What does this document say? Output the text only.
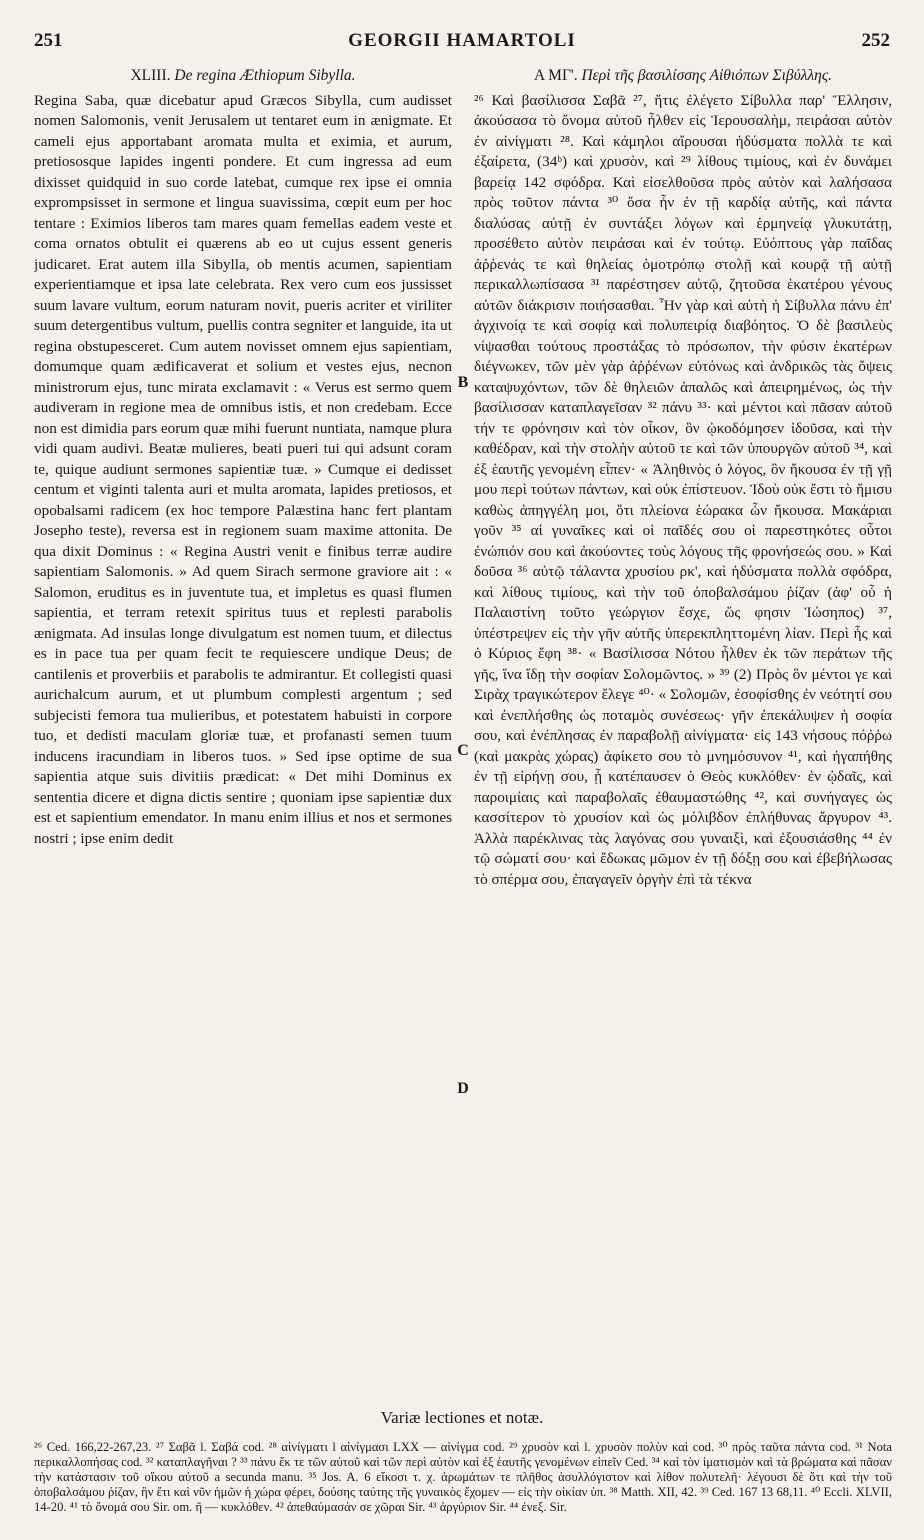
251	GEORGII HAMARTOLI	252
XLIII. De regina Æthiopum Sibylla.
Regina Saba, quæ dicebatur apud Græcos Sibylla, cum audisset nomen Salomonis, venit Jerusalem ut tentaret eum in ænigmate. Et cameli ejus apportabant aromata multa et eximia, et aurum, pretiososque lapides ingenti pondere. Et cum ingressa ad eum dixisset quidquid in suo corde latebat, cumque rex ipse ei omnia exprompsisset in sermone et lingua suavissima, cœpit eum per hoc tentare : Eximios liberos tam mares quam femellas eadem veste et coma ornatos obtulit ei quærens ab eo ut cujus essent generis judicaret. Erat autem illa Sibylla, ob mentis acumen, sapientiam experientiamque et ipsa late celebrata. Rex vero cum eos jussisset suum lavare vultum, eorum naturam novit, pueris acriter et viriliter suum detergentibus vultum, puellis contra segniter et languide, ita ut regina obstupesceret. Cum autem novisset omnem ejus sapientiam, domumque quam ædificaverat et solium et vestes ejus, necnon ministrorum ejus, tunc mirata exclamavit : « Verus est sermo quem audiveram in regione mea de omnibus istis, et non credebam. Ecce non est dimidia pars eorum quæ mihi fuerunt nuntiata, namque plura vidi quam audivi. Beatæ mulieres, beati pueri tui qui adsunt coram te, quique audiunt sermones sapientiæ tuæ. » Cumque ei dedisset centum et viginti talenta auri et multa aromata, lapides pretiosos, et opobalsami radicem (ex hoc tempore Palæstina hanc fert plantam Josepho teste), reversa est in regionem suam maxime attonita. De qua dixit Dominus : « Regina Austri venit e finibus terræ audire sapientiam Salomonis. » Ad quem Sirach sermone graviore ait : « Salomon, eruditus es in juventute tua, et impletus es quasi flumen sapientia, et terram retexit spiritus tuus et replesti parabolis ænigmata. Ad insulas longe divulgatum est nomen tuum, et dilectus es in pace tua per quam fecit te requiescere undique Deus; de cantilenis et proverbiis et parabolis te admirantur. Et collegisti quasi aurichalcum aurum, et ut plumbum complesti argentum ; sed subjecisti femora tua mulieribus, et potestatem habuisti in corpore tuo, et dedisti maculam gloriæ tuæ, et profanasti semen tuum inducens iracundiam in liberos tuos. » Sed ipse optime de sua sapientia atque suis divitiis prædicat: « Det mihi Dominus ex sententia dicere et digna dictis sentire ; quoniam ipse sapientiæ dux est et sapientium emendator. In manu enim illius et nos et sermones nostri ; ipse enim dedit
B
C
D
Α ΜΓ'. Περὶ τῆς βασιλίσσης Αἰθιόπων Σιβύλλης.
²⁶ Καὶ βασίλισσα Σαβᾶ ²⁷, ἥτις ἐλέγετο Σίβυλλα παρ' Ἕλλησιν, ἀκούσασα τὸ ὄνομα αὐτοῦ ἦλθεν εἰς Ἱερουσαλὴμ, πειράσαι αὐτὸν ἐν αἰνίγματι ²⁸. Καὶ κάμηλοι αἴρουσαι ἡδύσματα πολλὰ τε καὶ ἐξαίρετα, (34ᵇ) καὶ χρυσὸν, καὶ ²⁹ λίθους τιμίους, καὶ ἐν δυνάμει βαρείᾳ 142 σφόδρα. Καὶ εἰσελθοῦσα πρὸς αὐτὸν καὶ λαλήσασα πρὸς τοῦτον πάντα ³⁰ ὅσα ἦν ἐν τῇ καρδίᾳ αὐτῆς, καὶ πάντα διαλύσας αὐτῇ ἐν συντάξει λόγων καὶ ἑρμηνείᾳ γλυκυτάτῃ, προσέθετο αὐτὸν πειράσαι καὶ ἐν τούτῳ. Εὐόπτους γὰρ παῖδας ἀῤῥενάς τε καὶ θηλείας ὁμοτρόπῳ στολῇ καὶ κουρᾷ τῇ αὐτῇ περικαλλωπίσασα ³¹ παρέστησεν αὐτῷ, ζητοῦσα ἑκατέρου γένους αὐτῶν διάκρισιν ποιήσασθαι. Ἦν γὰρ καὶ αὐτὴ ἡ Σίβυλλα πάνυ ἐπ' ἀγχινοίᾳ τε καὶ σοφίᾳ καὶ πολυπειρίᾳ διαβόητος. Ὁ δὲ βασιλεὺς νίψασθαι τούτους προστάξας τὸ πρόσωπον, τὴν φύσιν ἑκατέρων διέγνωκεν, τῶν μὲν γὰρ ἀῤῥένων εὐτόνως καὶ ἀνδρικῶς τὰς ὄψεις καταψυχόντων, τῶν δὲ θηλειῶν ἁπαλῶς καὶ ἀπειρημένως, ὡς τὴν βασίλισσαν καταπλαγεῖσαν ³² πάνυ ³³· καὶ μέντοι καὶ πᾶσαν αὐτοῦ τήν τε φρόνησιν καὶ τὸν οἶκον, ὃν ᾠκοδόμησεν ἰδοῦσα, καὶ τὴν καθέδραν, καὶ τὴν στολὴν αὐτοῦ τε καὶ τῶν ὑπουργῶν αὐτοῦ ³⁴, καὶ ἐξ ἑαυτῆς γενομένη εἶπεν· « Ἀληθινὸς ὁ λόγος, ὃν ἤκουσα ἐν τῇ γῇ μου περὶ τούτων πάντων, καὶ οὐκ ἐπίστευον. Ἰδοὺ οὐκ ἔστι τὸ ἥμισυ καθὼς ἀπηγγέλη μοι, ὅτι πλείονα ἑώρακα ὧν ἤκουσα. Μακάριαι γοῦν ³⁵ αἱ γυναῖκες καὶ οἱ παῖδές σου οἱ παρεστηκότες οὗτοι ἐνώπιόν σου καὶ ἀκούοντες τοὺς λόγους τῆς φρονήσεώς σου. » Καὶ δοῦσα ³⁶ αὐτῷ τάλαντα χρυσίου ρκ', καὶ ἡδύσματα πολλὰ σφόδρα, καὶ λίθους τιμίους, καὶ τὴν τοῦ ὀποβαλσάμου ῥίζαν (ἀφ' οὗ ἡ Παλαιστίνη τοῦτο γεώργιον ἔσχε, ὥς φησιν Ἰώσηπος) ³⁷, ὑπέστρεψεν εἰς τὴν γῆν αὐτῆς ὑπερεκπληττομένη λίαν. Περὶ ἧς καὶ ὁ Κύριος ἔφη ³⁸· « Βασίλισσα Νότου ἦλθεν ἐκ τῶν περάτων τῆς γῆς, ἵνα ἴδῃ τὴν σοφίαν Σολομῶντος. » ³⁹ (2) Πρὸς ὃν μέντοι γε καὶ Σιρὰχ τραγικώτερον ἔλεγε ⁴⁰· « Σολομῶν, ἐσοφίσθης ἐν νεότητί σου καὶ ἐνεπλήσθης ὡς ποταμὸς συνέσεως· γῆν ἐπεκάλυψεν ἡ σοφία σου, καὶ ἐνέπλησας ἐν παραβολῇ αἰνίγματα· εἰς 143 νήσους πόῤῥω (καὶ μακρὰς χώρας) ἀφίκετο σου τὸ μνημόσυνον ⁴¹, καὶ ἠγαπήθης ἐν τῇ εἰρήνῃ σου, ᾗ κατέπαυσεν ὁ Θεὸς κυκλόθεν· ἐν ᾠδαῖς, καὶ παροιμίαις καὶ παραβολαῖς ἐθαυμαστώθης ⁴², καὶ συνήγαγες ὡς κασσίτερον τὸ χρυσίον καὶ ὡς μόλιβδον ἐπλήθυνας ἄργυρον ⁴³. Ἀλλὰ παρέκλινας τὰς λαγόνας σου γυναιξὶ, καὶ ἐξουσιάσθης ⁴⁴ ἐν τῷ σώματί σου· καὶ ἔδωκας μῶμον ἐν τῇ δόξῃ σου καὶ ἐβεβήλωσας τὸ σπέρμα σου, ἐπαγαγεῖν ὀργὴν ἐπὶ τὰ τέκνα
Variæ lectiones et notæ.
²⁶ Ced. 166,22-267,23. ²⁷ Σαβᾶ l. Σαβά cod. ²⁸ αἰνίγματι l αἰνίγμασι LXX — αἰνίγμα cod. ²⁹ χρυσὸν καὶ l. χρυσὸν πολὺν καὶ cod. ³⁰ πρὸς ταῦτα πάντα cod. ³¹ Nota περικαλλοπήσας cod. ³² καταπλαγῆναι ? ³³ πάνυ ἔκ τε τῶν αὐτοῦ καὶ τῶν περὶ αὐτὸν καὶ ἐξ ἑαυτῆς γενομένων εἰπεῖν Ced. ³⁴ καὶ τὸν ἱματισμὸν καὶ τὰ βρώματα καὶ πᾶσαν τὴν κατάστασιν τοῦ οἴκου αὐτοῦ a secunda manu. ³⁵ Jos. A. 6 εἴκοσι τ. χ. ἀρωμάτων τε πλῆθος ἀσυλλόγιστον καὶ λίθον πολυτελῆ· λέγουσι δὲ ὅτι καὶ τὴν τοῦ ὀποβαλσάμου ῥίζαν, ἣν ἔτι καὶ νῦν ἡμῶν ἡ χώρα φέρει, δούσης ταύτης τῆς γυναικὸς ἔχομεν — εἰς τὴν οἰκίαν ὑπ. ³⁸ Matth. XII, 42. ³⁹ Ced. 167 13 68,11. ⁴⁰ Eccli. XLVII, 14-20. ⁴¹ τὸ ὄνομά σου Sir. om. ῆ — κυκλόθεν. ⁴² ἀπεθαύμασάν σε χῶραι Sir. ⁴³ ἀργύριον Sir. ⁴⁴ ἐνεξ. Sir.
